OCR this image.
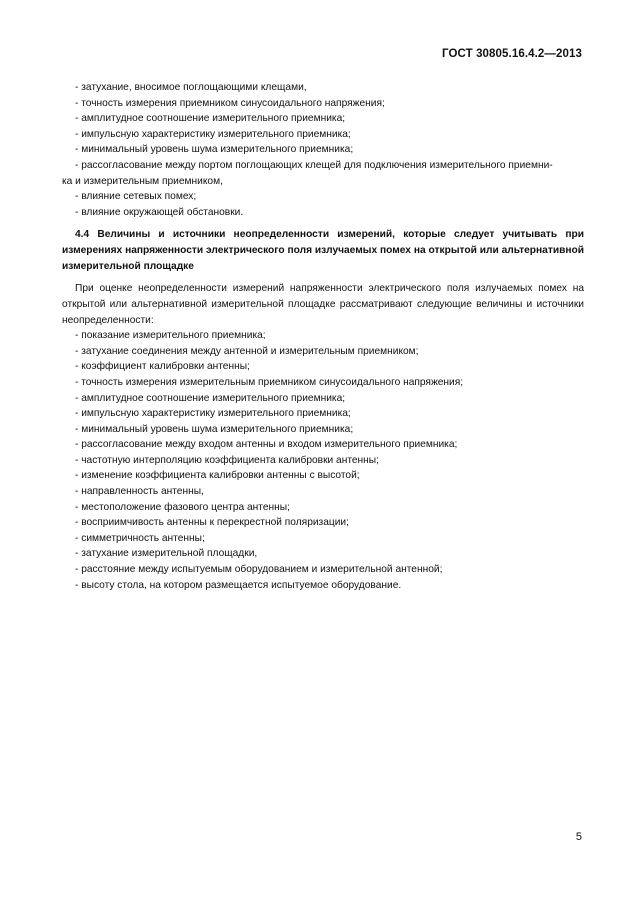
ГОСТ 30805.16.4.2—2013

- затухание, вносимое поглощающими клещами,

- точность измерения приемником синусоидального напряжения;

- амплитудное соотношение измерительного приемника;

- импульсную характеристику измерительного приемника;

- минимальный уровень шума измерительного приемника;

- рассогласование между портом поглощающих клещей для подключения измерительного приемни-

ка и измерительным приемником,

- влияние сетевых помех;

- влияние окружающей обстановки.

4.4 Величины и источники неопределенности измерений, которые следует учитывать при измерениях напряженности электрического поля излучаемых помех на открытой или альтернативной измерительной площадке

При оценке неопределенности измерений напряженности электрического поля излучаемых помех на открытой или альтернативной измерительной площадке рассматривают следующие величины и источники неопределенности:

- показание измерительного приемника;

- затухание соединения между антенной и измерительным приемником;

- коэффициент калибровки антенны;

- точность измерения измерительным приемником синусоидального напряжения;

- амплитудное соотношение измерительного приемника;

- импульсную характеристику измерительного приемника;

- минимальный уровень шума измерительного приемника;

- рассогласование между входом антенны и входом измерительного приемника;

- частотную интерполяцию коэффициента калибровки антенны;

- изменение коэффициента калибровки антенны с высотой;

- направленность антенны,

- местоположение фазового центра антенны;

- восприимчивость антенны к перекрестной поляризации;

- симметричность антенны;

- затухание измерительной площадки,

- расстояние между испытуемым оборудованием и измерительной антенной;

- высоту стола, на котором размещается испытуемое оборудование.

5
